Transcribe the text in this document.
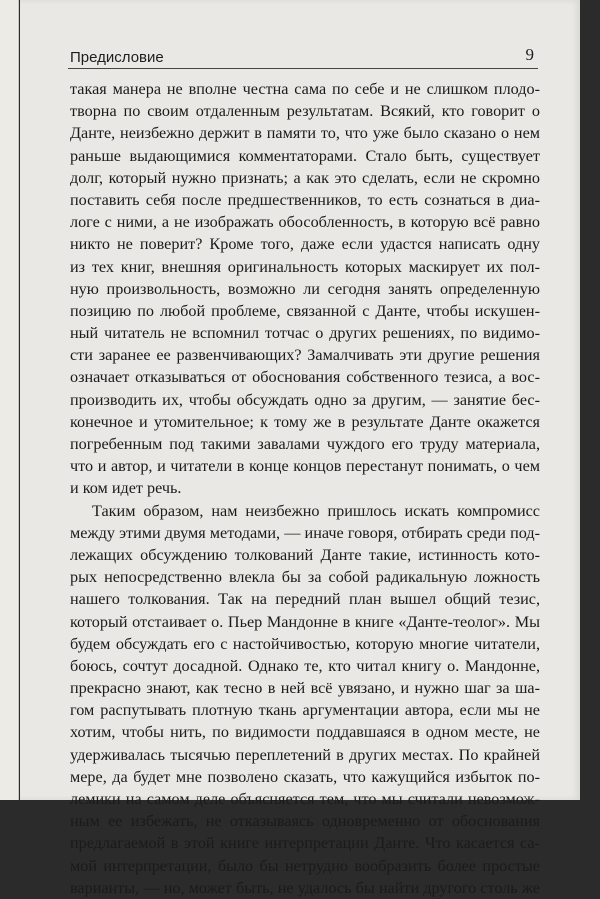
Предисловие	9
такая манера не вполне честна сама по себе и не слишком плодо-
творна по своим отдаленным результатам. Всякий, кто говорит о
Данте, неизбежно держит в памяти то, что уже было сказано о нем
раньше выдающимися комментаторами. Стало быть, существует
долг, который нужно признать; а как это сделать, если не скромно
поставить себя после предшественников, то есть сознаться в диа-
логе с ними, а не изображать обособленность, в которую всё равно
никто не поверит? Кроме того, даже если удастся написать одну
из тех книг, внешняя оригинальность которых маскирует их пол-
ную произвольность, возможно ли сегодня занять определенную
позицию по любой проблеме, связанной с Данте, чтобы искушен-
ный читатель не вспомнил тотчас о других решениях, по видимо-
сти заранее ее развенчивающих? Замалчивать эти другие решения
означает отказываться от обоснования собственного тезиса, а вос-
производить их, чтобы обсуждать одно за другим, — занятие бес-
конечное и утомительное; к тому же в результате Данте окажется
погребенным под такими завалами чуждого его труду материала,
что и автор, и читатели в конце концов перестанут понимать, о чем
и ком идет речь.
Таким образом, нам неизбежно пришлось искать компромисс
между этими двумя методами, — иначе говоря, отбирать среди под-
лежащих обсуждению толкований Данте такие, истинность кото-
рых непосредственно влекла бы за собой радикальную ложность
нашего толкования. Так на передний план вышел общий тезис,
который отстаивает о. Пьер Мандонне в книге «Данте-теолог». Мы
будем обсуждать его с настойчивостью, которую многие читатели,
боюсь, сочтут досадной. Однако те, кто читал книгу о. Мандонне,
прекрасно знают, как тесно в ней всё увязано, и нужно шаг за ша-
гом распутывать плотную ткань аргументации автора, если мы не
хотим, чтобы нить, по видимости поддавшаяся в одном месте, не
удерживалась тысячью переплетений в других местах. По крайней
мере, да будет мне позволено сказать, что кажущийся избыток по-
лемики на самом деле объясняется тем, что мы считали невозмож-
ным ее избежать, не отказываясь одновременно от обоснования
предлагаемой в этой книге интерпретации Данте. Что касается са-
мой интерпретации, было бы нетрудно вообразить более простые
варианты, — но, может быть, не удалось бы найти другого столь же
